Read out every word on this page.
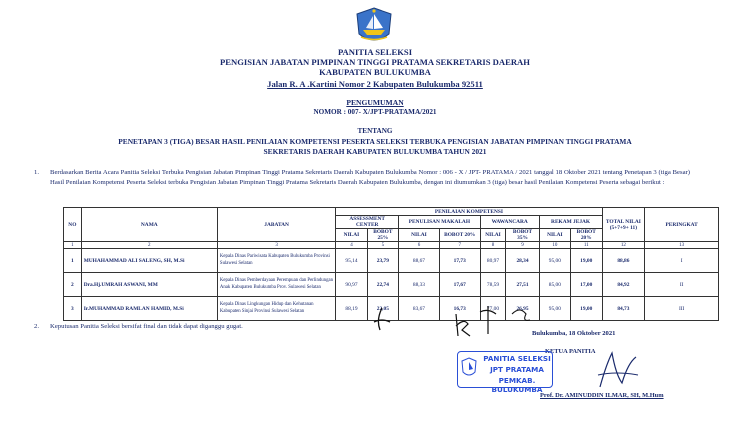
PANITIA SELEKSI
PENGISIAN JABATAN PIMPINAN TINGGI PRATAMA SEKRETARIS DAERAH
KABUPATEN BULUKUMBA
Jalan R. A .Kartini Nomor 2 Kabupaten Bulukumba 92511
PENGUMUMAN
NOMOR : 007- X/JPT-PRATAMA/2021
TENTANG
PENETAPAN 3 (TIGA) BESAR HASIL PENILAIAN KOMPETENSI PESERTA SELEKSI TERBUKA PENGISIAN JABATAN PIMPINAN TINGGI PRATAMA
SEKRETARIS DAERAH KABUPATEN BULUKUMBA TAHUN 2021
1. Berdasarkan Berita Acara Panitia Seleksi Terbuka Pengisian Jabatan Pimpinan Tinggi Pratama Sekretaris Daerah Kabupaten Bulukumba Nomor : 006 - X / JPT- PRATAMA / 2021 tanggal 18 Oktober 2021 tentang Penetapan 3 (tiga Besar) Hasil Penilaian Kompetensi Peserta Seleksi terbuka Pengisian Jabatan Pimpinan Tinggi Pratama Sekretaris Daerah Kabupaten Bulukumba, dengan ini diumumkan 3 (tiga) besar hasil Penilaian Kompetensi Peserta sebagai berikut :
NO	NAMA	JABATAN	PENILAIAN KOMPETENSI								TOTAL NILAI (5+7+9+ 11)	PERINGKAT
			ASSESSMENT CENTER		PENULISAN MAKALAH		WAWANCARA		REKAM JEJAK			
			NILAI	BOBOT 25%	NILAI	BOBOT 20%	NILAI	BOBOT 35%	NILAI	BOBOT 20%		
1	2	3	4	5	6	7	8	9	10	11	12	13
1	MUHAHAMMAD ALI SALENG, SH, M.Si	Kepala Dinas Pariwisata Kabupaten Bulukumba Provinsi Sulawesi Selatan	95,14	23,79	88,67	17,73	80,97	28,34	95,00	19,00	88,86	I
2	Dra.Hj.UMRAH ASWANI, MM	Kepala Dinas Pemberdayaan Perempuan dan Perlindungan Anak Kabupaten Bulukumba Prov. Sulawesi Selatan	90,97	22,74	88,33	17,67	78,59	27,51	85,00	17,00	84,92	II
3	Ir.MUHAMMAD RAMLAN HAMID, M.Si	Kepala Dinas Lingkungan Hidup dan Kehutanan Kabupaten Sinjai Provinsi Sulawesi Selatan	88,19	22,05	83,67	16,73	77,00	26,95	95,00	19,00	84,73	III
2. Keputusan Panitia Seleksi bersifat final dan tidak dapat diganggu gugat.
Bulukumba, 18 Oktober 2021
KETUA PANITIA
PANITIA SELEKSI
JPT PRATAMA
PEMKAB. BULUKUMBA
Prof. Dr. AMINUDDIN ILMAR, SH, M.Hum
